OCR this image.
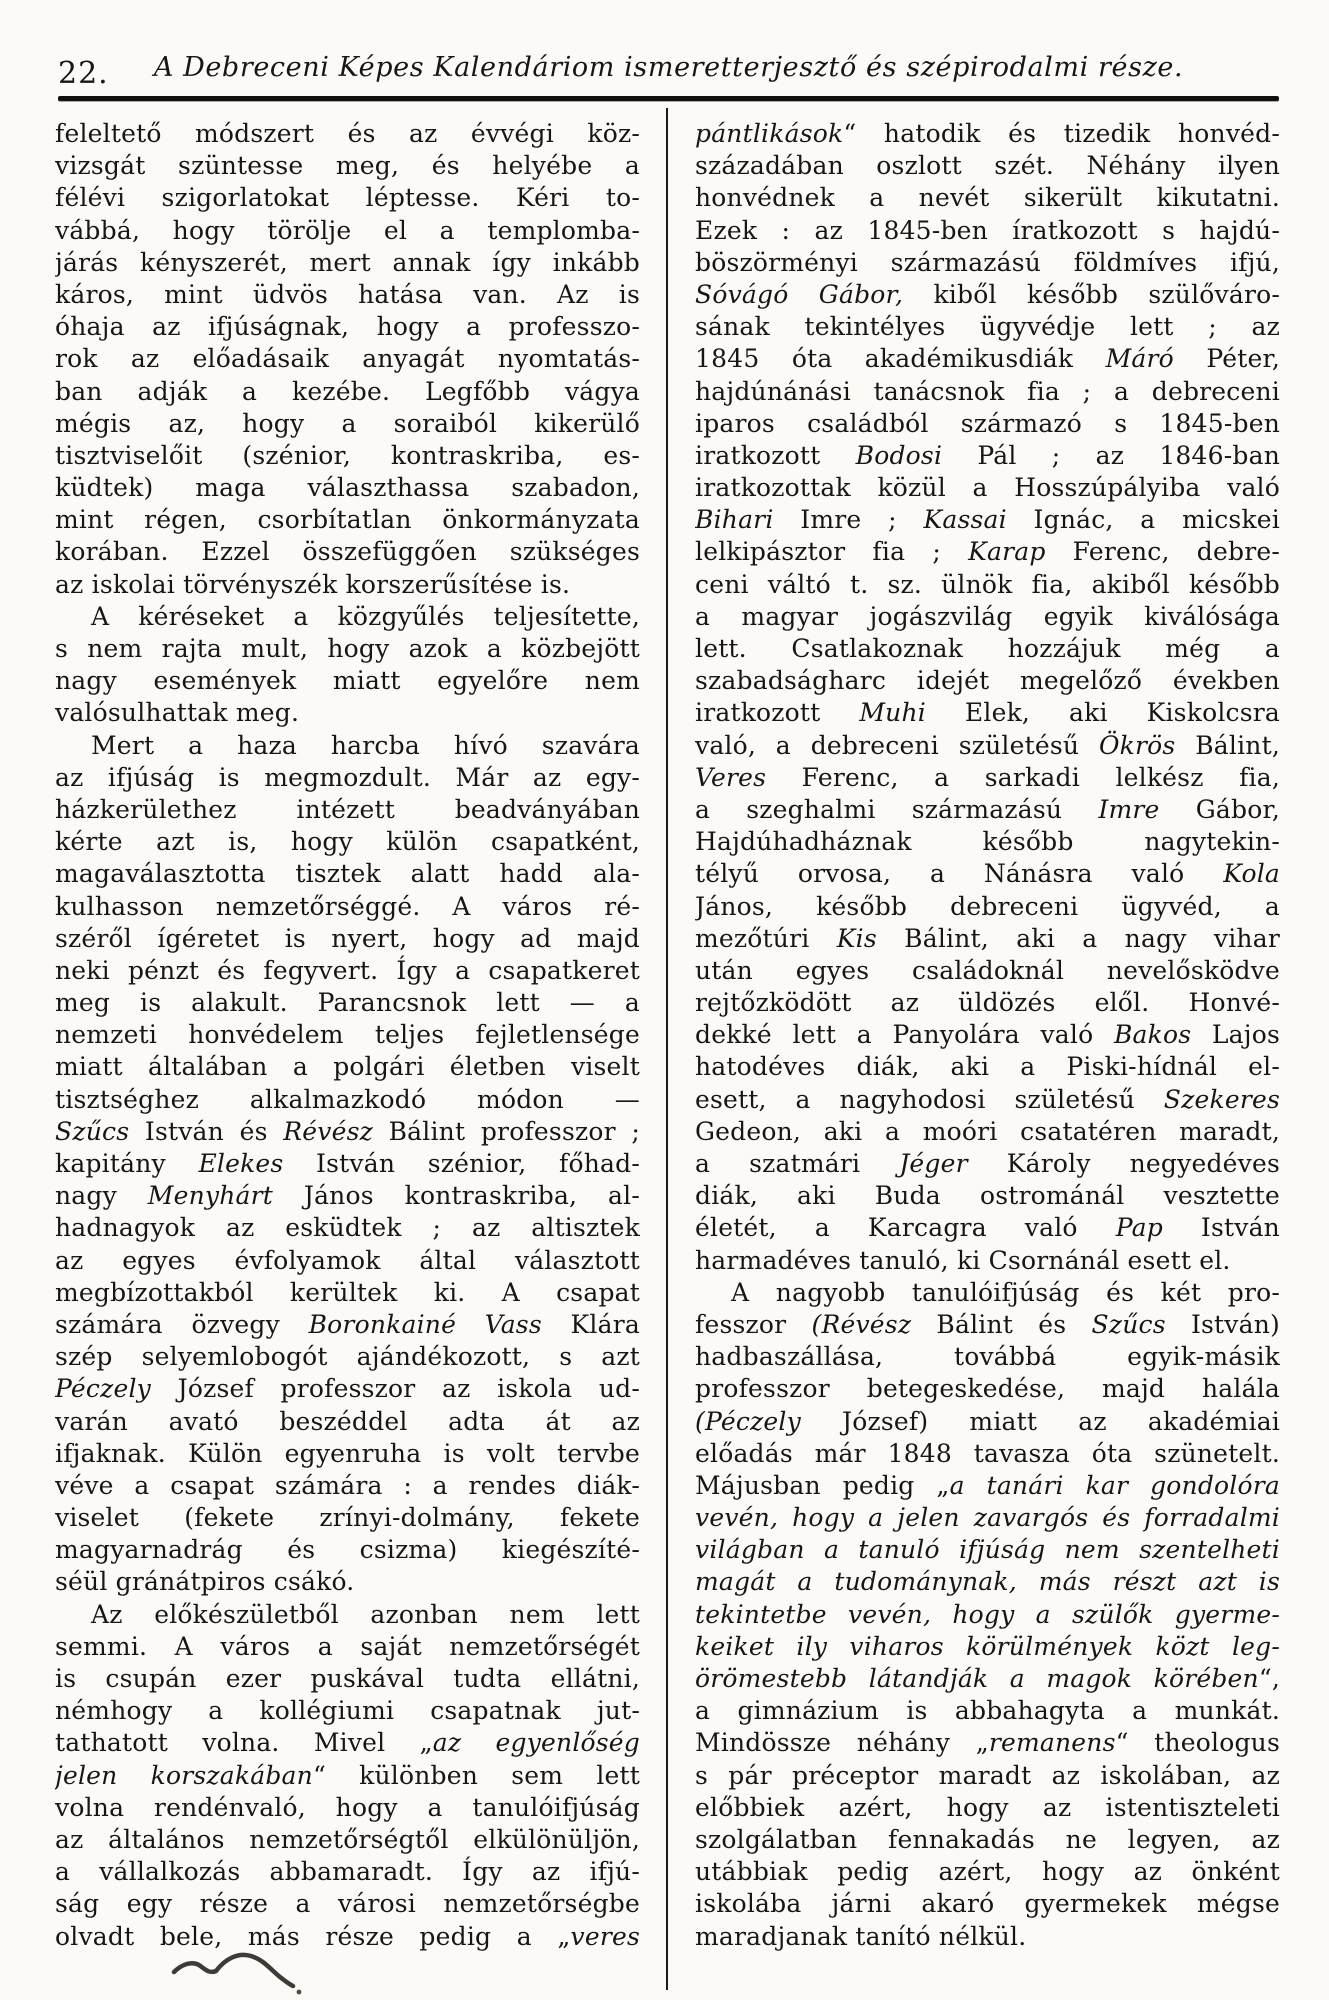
22.	A Debreceni Képes Kalendáriom ismeretterjesztő és szépirodalmi része.
feleltető módszert és az évvégi köz-
vizsgát szüntesse meg, és helyébe a
félévi szigorlatokat léptesse. Kéri to-
vábbá, hogy törölje el a templomba-
járás kényszerét, mert annak így inkább
káros, mint üdvös hatása van. Az is
óhaja az ifjúságnak, hogy a professzo-
rok az előadásaik anyagát nyomtatás-
ban adják a kezébe. Legfőbb vágya
mégis az, hogy a soraiból kikerülő
tisztviselőit (szénior, kontraskriba, es-
küdtek) maga választhassa szabadon,
mint régen, csorbítatlan önkormányzata
korában. Ezzel összefüggően szükséges
az iskolai törvényszék korszerűsítése is.
A kéréseket a közgyűlés teljesítette,
s nem rajta mult, hogy azok a közbejött
nagy események miatt egyelőre nem
valósulhattak meg.
Mert a haza harcba hívó szavára
az ifjúság is megmozdult. Már az egy-
házkerülethez intézett beadványában
kérte azt is, hogy külön csapatként,
magaválasztotta tisztek alatt hadd ala-
kulhasson nemzetőrséggé. A város ré-
széről ígéretet is nyert, hogy ad majd
neki pénzt és fegyvert. Így a csapatkeret
meg is alakult. Parancsnok lett — a
nemzeti honvédelem teljes fejletlensége
miatt általában a polgári életben viselt
tisztséghez alkalmazkodó módon —
Szűcs István és Révész Bálint professzor ;
kapitány Elekes István szénior, főhad-
nagy Menyhárt János kontraskriba, al-
hadnagyok az esküdtek ; az altisztek
az egyes évfolyamok által választott
megbízottakból kerültek ki. A csapat
számára özvegy Boronkainé Vass Klára
szép selyemlobogót ajándékozott, s azt
Péczely József professzor az iskola ud-
varán avató beszéddel adta át az
ifjaknak. Külön egyenruha is volt tervbe
véve a csapat számára : a rendes diák-
viselet (fekete zrínyi-dolmány, fekete
magyarnadrág és csizma) kiegészíté-
séül gránátpiros csákó.
Az előkészületből azonban nem lett
semmi. A város a saját nemzetőrségét
is csupán ezer puskával tudta ellátni,
némhogy a kollégiumi csapatnak jut-
tathatott volna. Mivel „az egyenlőség
jelen korszakában“ különben sem lett
volna rendénvaló, hogy a tanulóifjúság
az általános nemzetőrségtől elkülönüljön,
a vállalkozás abbamaradt. Így az ifjú-
ság egy része a városi nemzetőrségbe
olvadt bele, más része pedig a „veres
pántlikások“ hatodik és tizedik honvéd-
századában oszlott szét. Néhány ilyen
honvédnek a nevét sikerült kikutatni.
Ezek : az 1845-ben íratkozott s hajdú-
böszörményi származású földmíves ifjú,
Sóvágó Gábor, kiből később szülőváro-
sának tekintélyes ügyvédje lett ; az
1845 óta akadémikusdiák Máró Péter,
hajdúnánási tanácsnok fia ; a debreceni
iparos családból származó s 1845-ben
iratkozott Bodosi Pál ; az 1846-ban
iratkozottak közül a Hosszúpályiba való
Bihari Imre ; Kassai Ignác, a micskei
lelkipásztor fia ; Karap Ferenc, debre-
ceni váltó t. sz. ülnök fia, akiből később
a magyar jogászvilág egyik kiválósága
lett. Csatlakoznak hozzájuk még a
szabadságharc idejét megelőző években
iratkozott Muhi Elek, aki Kiskolcsra
való, a debreceni születésű Ökrös Bálint,
Veres Ferenc, a sarkadi lelkész fia,
a szeghalmi származású Imre Gábor,
Hajdúhadháznak később nagytekin-
télyű orvosa, a Nánásra való Kola
János, később debreceni ügyvéd, a
mezőtúri Kis Bálint, aki a nagy vihar
után egyes családoknál nevelősködve
rejtőzködött az üldözés elől. Honvé-
dekké lett a Panyolára való Bakos Lajos
hatodéves diák, aki a Piski-hídnál el-
esett, a nagyhodosi születésű Szekeres
Gedeon, aki a moóri csatatéren maradt,
a szatmári Jéger Károly negyedéves
diák, aki Buda ostrománál vesztette
életét, a Karcagra való Pap István
harmadéves tanuló, ki Csornánál esett el.
A nagyobb tanulóifjúság és két pro-
fesszor (Révész Bálint és Szűcs István)
hadbaszállása, továbbá egyik-másik
professzor betegeskedése, majd halála
(Péczely József) miatt az akadémiai
előadás már 1848 tavasza óta szünetelt.
Májusban pedig „a tanári kar gondolóra
vevén, hogy a jelen zavargós és forradalmi
világban a tanuló ifjúság nem szentelheti
magát a tudománynak, más részt azt is
tekintetbe vevén, hogy a szülők gyerme-
keiket ily viharos körülmények közt leg-
örömestebb látandják a magok körében“,
a gimnázium is abbahagyta a munkát.
Mindössze néhány „remanens“ theologus
s pár préceptor maradt az iskolában, az
előbbiek azért, hogy az istentiszteleti
szolgálatban fennakadás ne legyen, az
utábbiak pedig azért, hogy az önként
iskolába járni akaró gyermekek mégse
maradjanak tanító nélkül.
